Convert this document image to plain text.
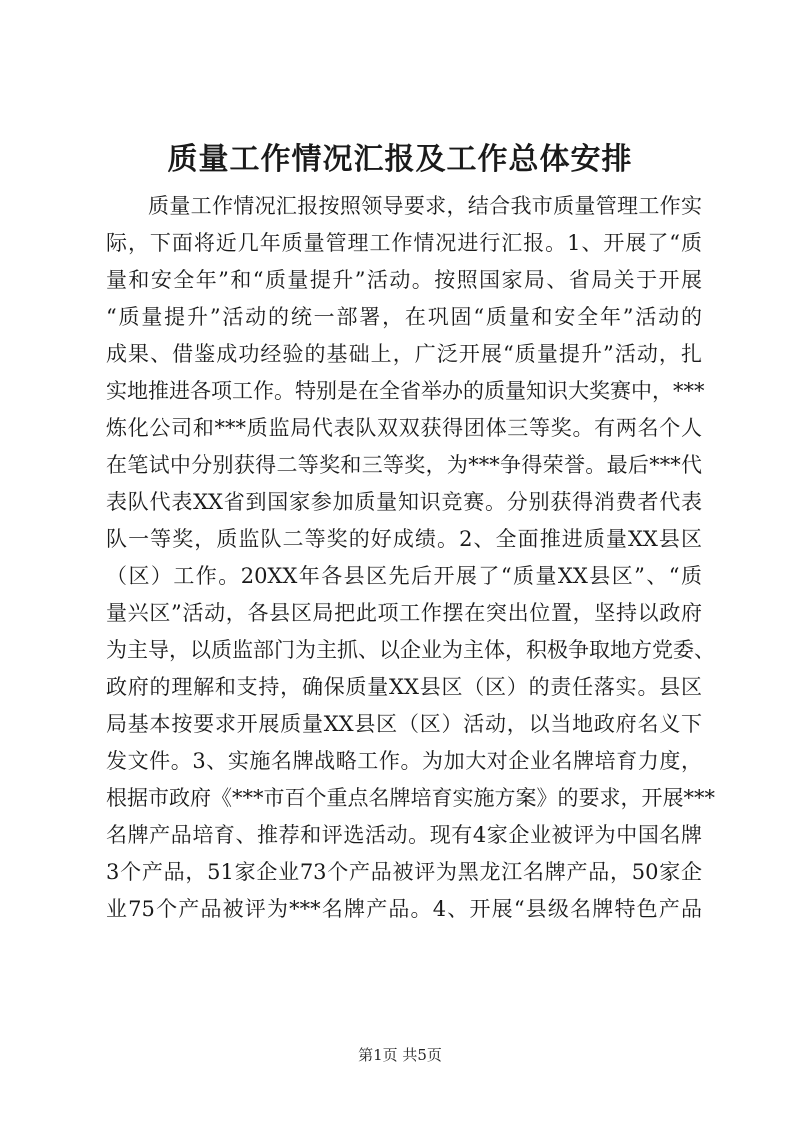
质量工作情况汇报及工作总体安排
质量工作情况汇报按照领导要求，结合我市质量管理工作实
际，下面将近几年质量管理工作情况进行汇报。1、开展了“质
量和安全年”和“质量提升”活动。按照国家局、省局关于开展
“质量提升”活动的统一部署，在巩固“质量和安全年”活动的
成果、借鉴成功经验的基础上，广泛开展“质量提升”活动，扎
实地推进各项工作。特别是在全省举办的质量知识大奖赛中，***
炼化公司和***质监局代表队双双获得团体三等奖。有两名个人
在笔试中分别获得二等奖和三等奖，为***争得荣誉。最后***代
表队代表XX省到国家参加质量知识竞赛。分别获得消费者代表
队一等奖，质监队二等奖的好成绩。2、全面推进质量XX县区
（区）工作。20XX年各县区先后开展了“质量XX县区”、“质
量兴区”活动，各县区局把此项工作摆在突出位置，坚持以政府
为主导，以质监部门为主抓、以企业为主体，积极争取地方党委、
政府的理解和支持，确保质量XX县区（区）的责任落实。县区
局基本按要求开展质量XX县区（区）活动，以当地政府名义下
发文件。3、实施名牌战略工作。为加大对企业名牌培育力度，
根据市政府《***市百个重点名牌培育实施方案》的要求，开展***
名牌产品培育、推荐和评选活动。现有4家企业被评为中国名牌
3个产品，51家企业73个产品被评为黑龙江名牌产品，50家企
业75个产品被评为***名牌产品。4、开展“县级名牌特色产品
第1页 共5页
